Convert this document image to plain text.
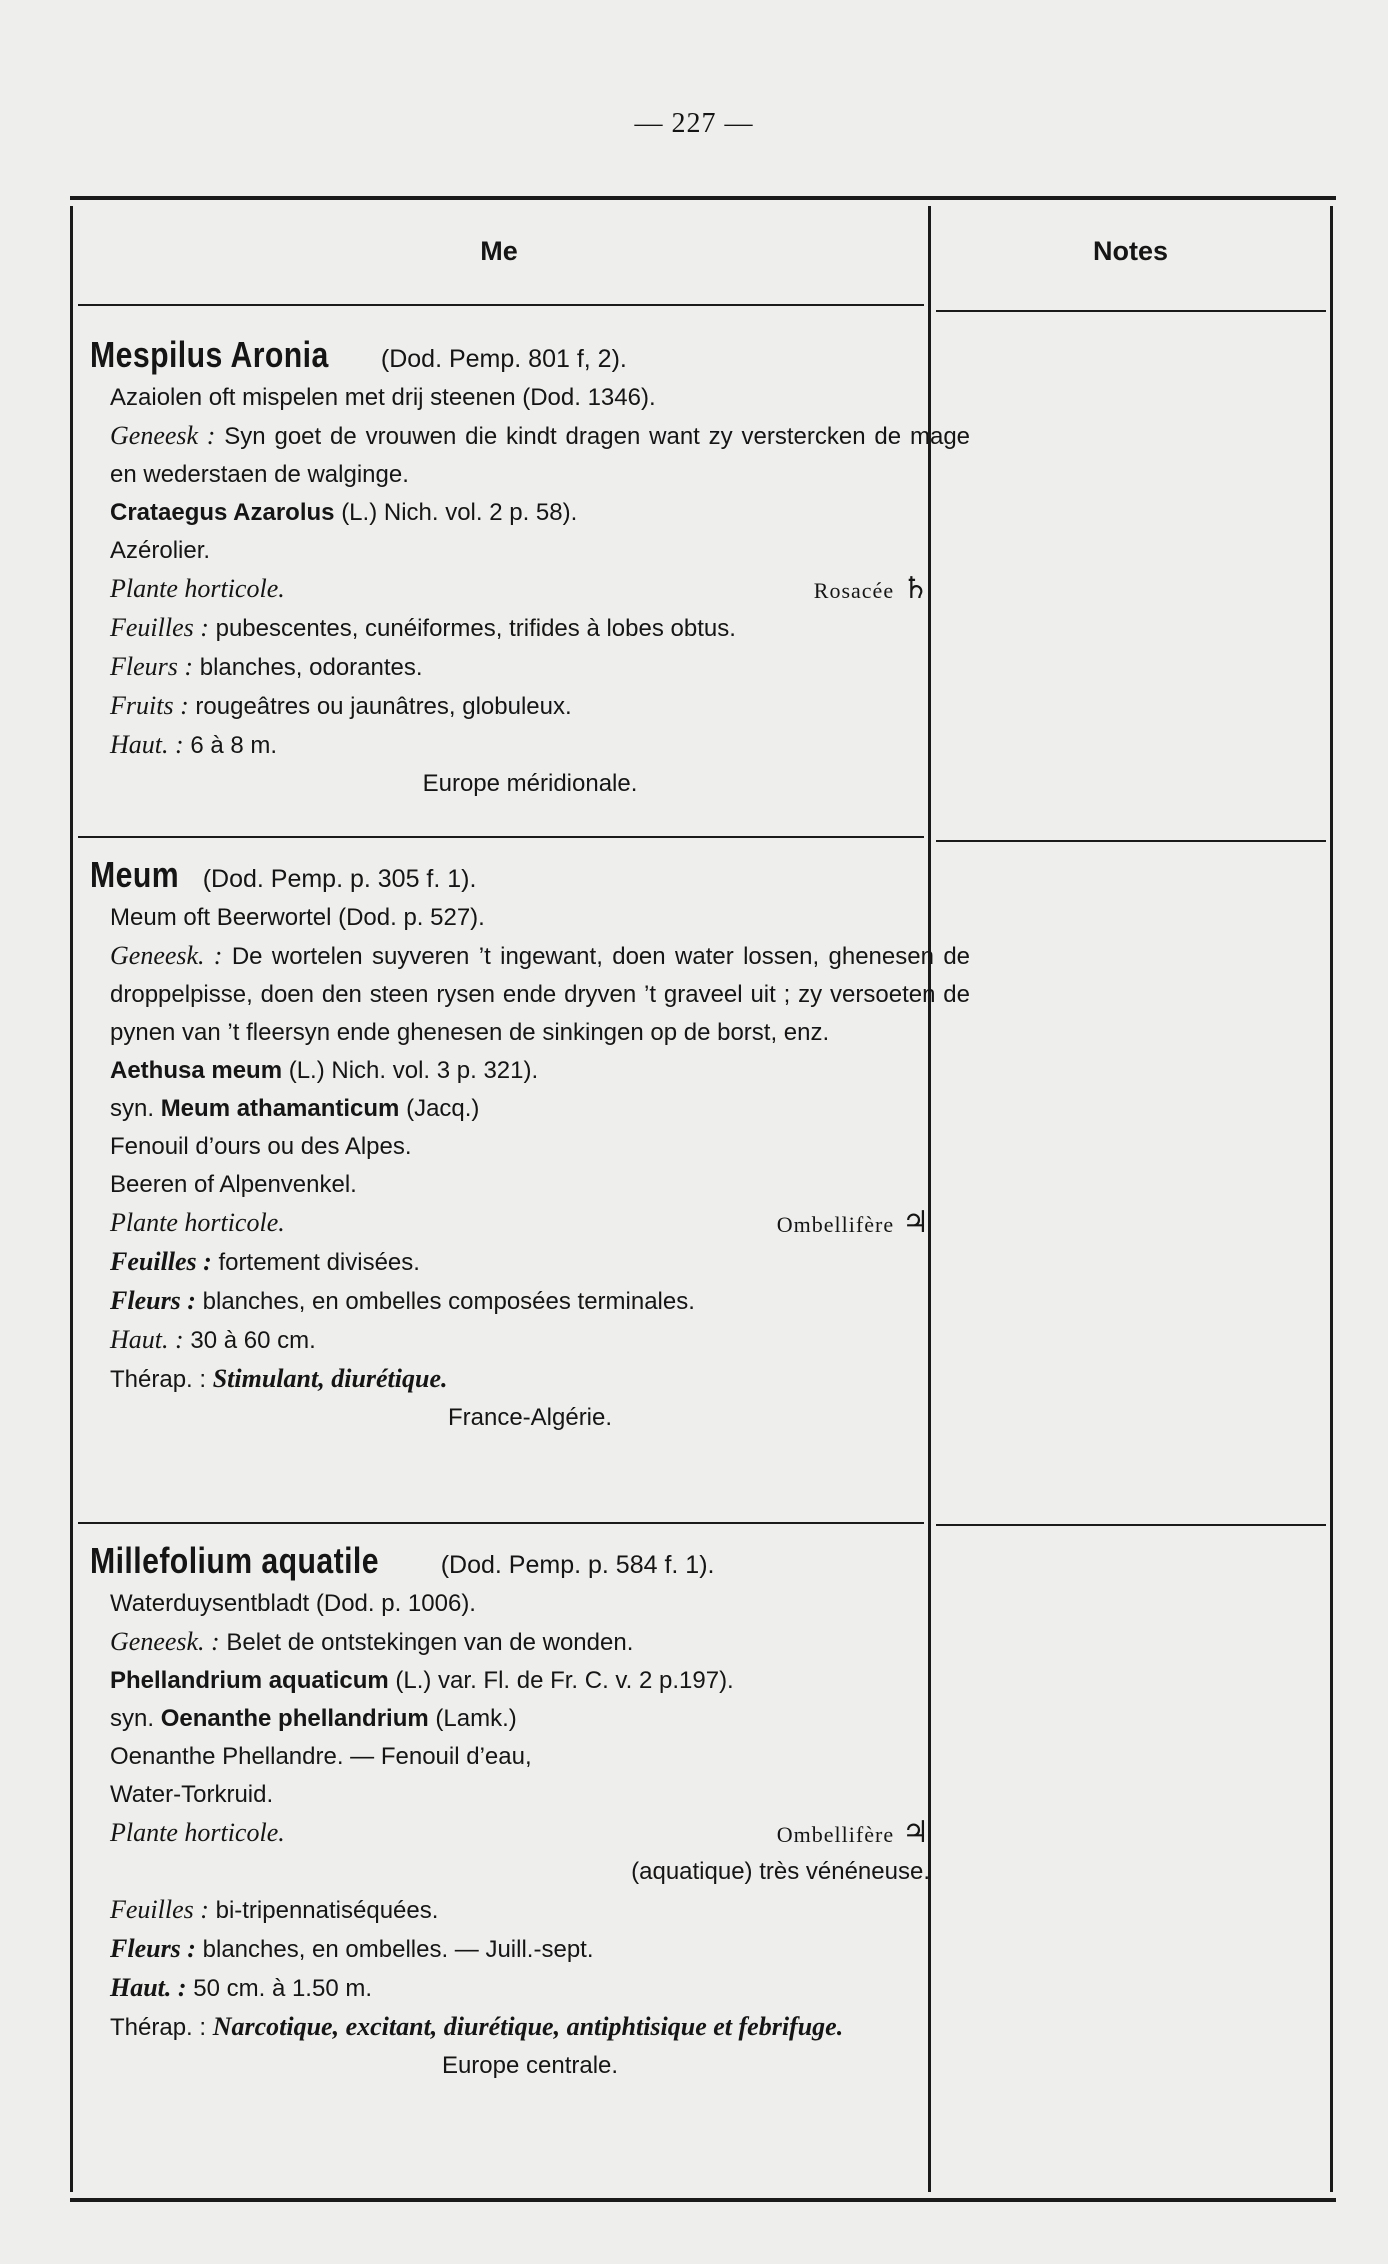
— 227 —
Me	Notes

Mespilus Aronia (Dod. Pemp. 801 f, 2).

Azaiolen oft mispelen met drij steenen (Dod. 1346).

Geneesk : Syn goet de vrouwen die kindt dragen want zy verstercken de mage en wederstaen de walginge.

Crataegus Azarolus (L.) Nich. vol. 2 p. 58).

Azérolier.

Plante horticole.	Rosacée ♄

Feuilles : pubescentes, cunéiformes, trifides à lobes obtus.

Fleurs : blanches, odorantes.

Fruits : rougeâtres ou jaunâtres, globuleux.

Haut. : 6 à 8 m.

Europe méridionale.

Meum (Dod. Pemp. p. 305 f. 1).

Meum oft Beerwortel (Dod. p. 527).

Geneesk. : De wortelen suyveren ’t ingewant, doen water lossen, ghenesen de droppelpisse, doen den steen rysen ende dryven ’t graveel uit ; zy versoeten de pynen van ’t fleersyn ende ghenesen de sinkingen op de borst, enz.

Aethusa meum (L.) Nich. vol. 3 p. 321).

syn. Meum athamanticum (Jacq.)

Fenouil d’ours ou des Alpes.

Beeren of Alpenvenkel.

Plante horticole.	Ombellifère ♃

Feuilles : fortement divisées.

Fleurs : blanches, en ombelles composées terminales.

Haut. : 30 à 60 cm.

Thérap. : Stimulant, diurétique.

France-Algérie.

Millefolium aquatile (Dod. Pemp. p. 584 f. 1).

Waterduysentbladt (Dod. p. 1006).

Geneesk. : Belet de ontstekingen van de wonden.

Phellandrium aquaticum (L.) var. Fl. de Fr. C. v. 2 p.197).

syn. Oenanthe phellandrium (Lamk.)

Oenanthe Phellandre. — Fenouil d’eau,

Water-Torkruid.

Plante horticole.	Ombellifère ♃

(aquatique) très vénéneuse.

Feuilles : bi-tripennatiséquées.

Fleurs : blanches, en ombelles. — Juill.-sept.

Haut. : 50 cm. à 1.50 m.

Thérap. : Narcotique, excitant, diurétique, antiphtisique et febrifuge.

Europe centrale.
